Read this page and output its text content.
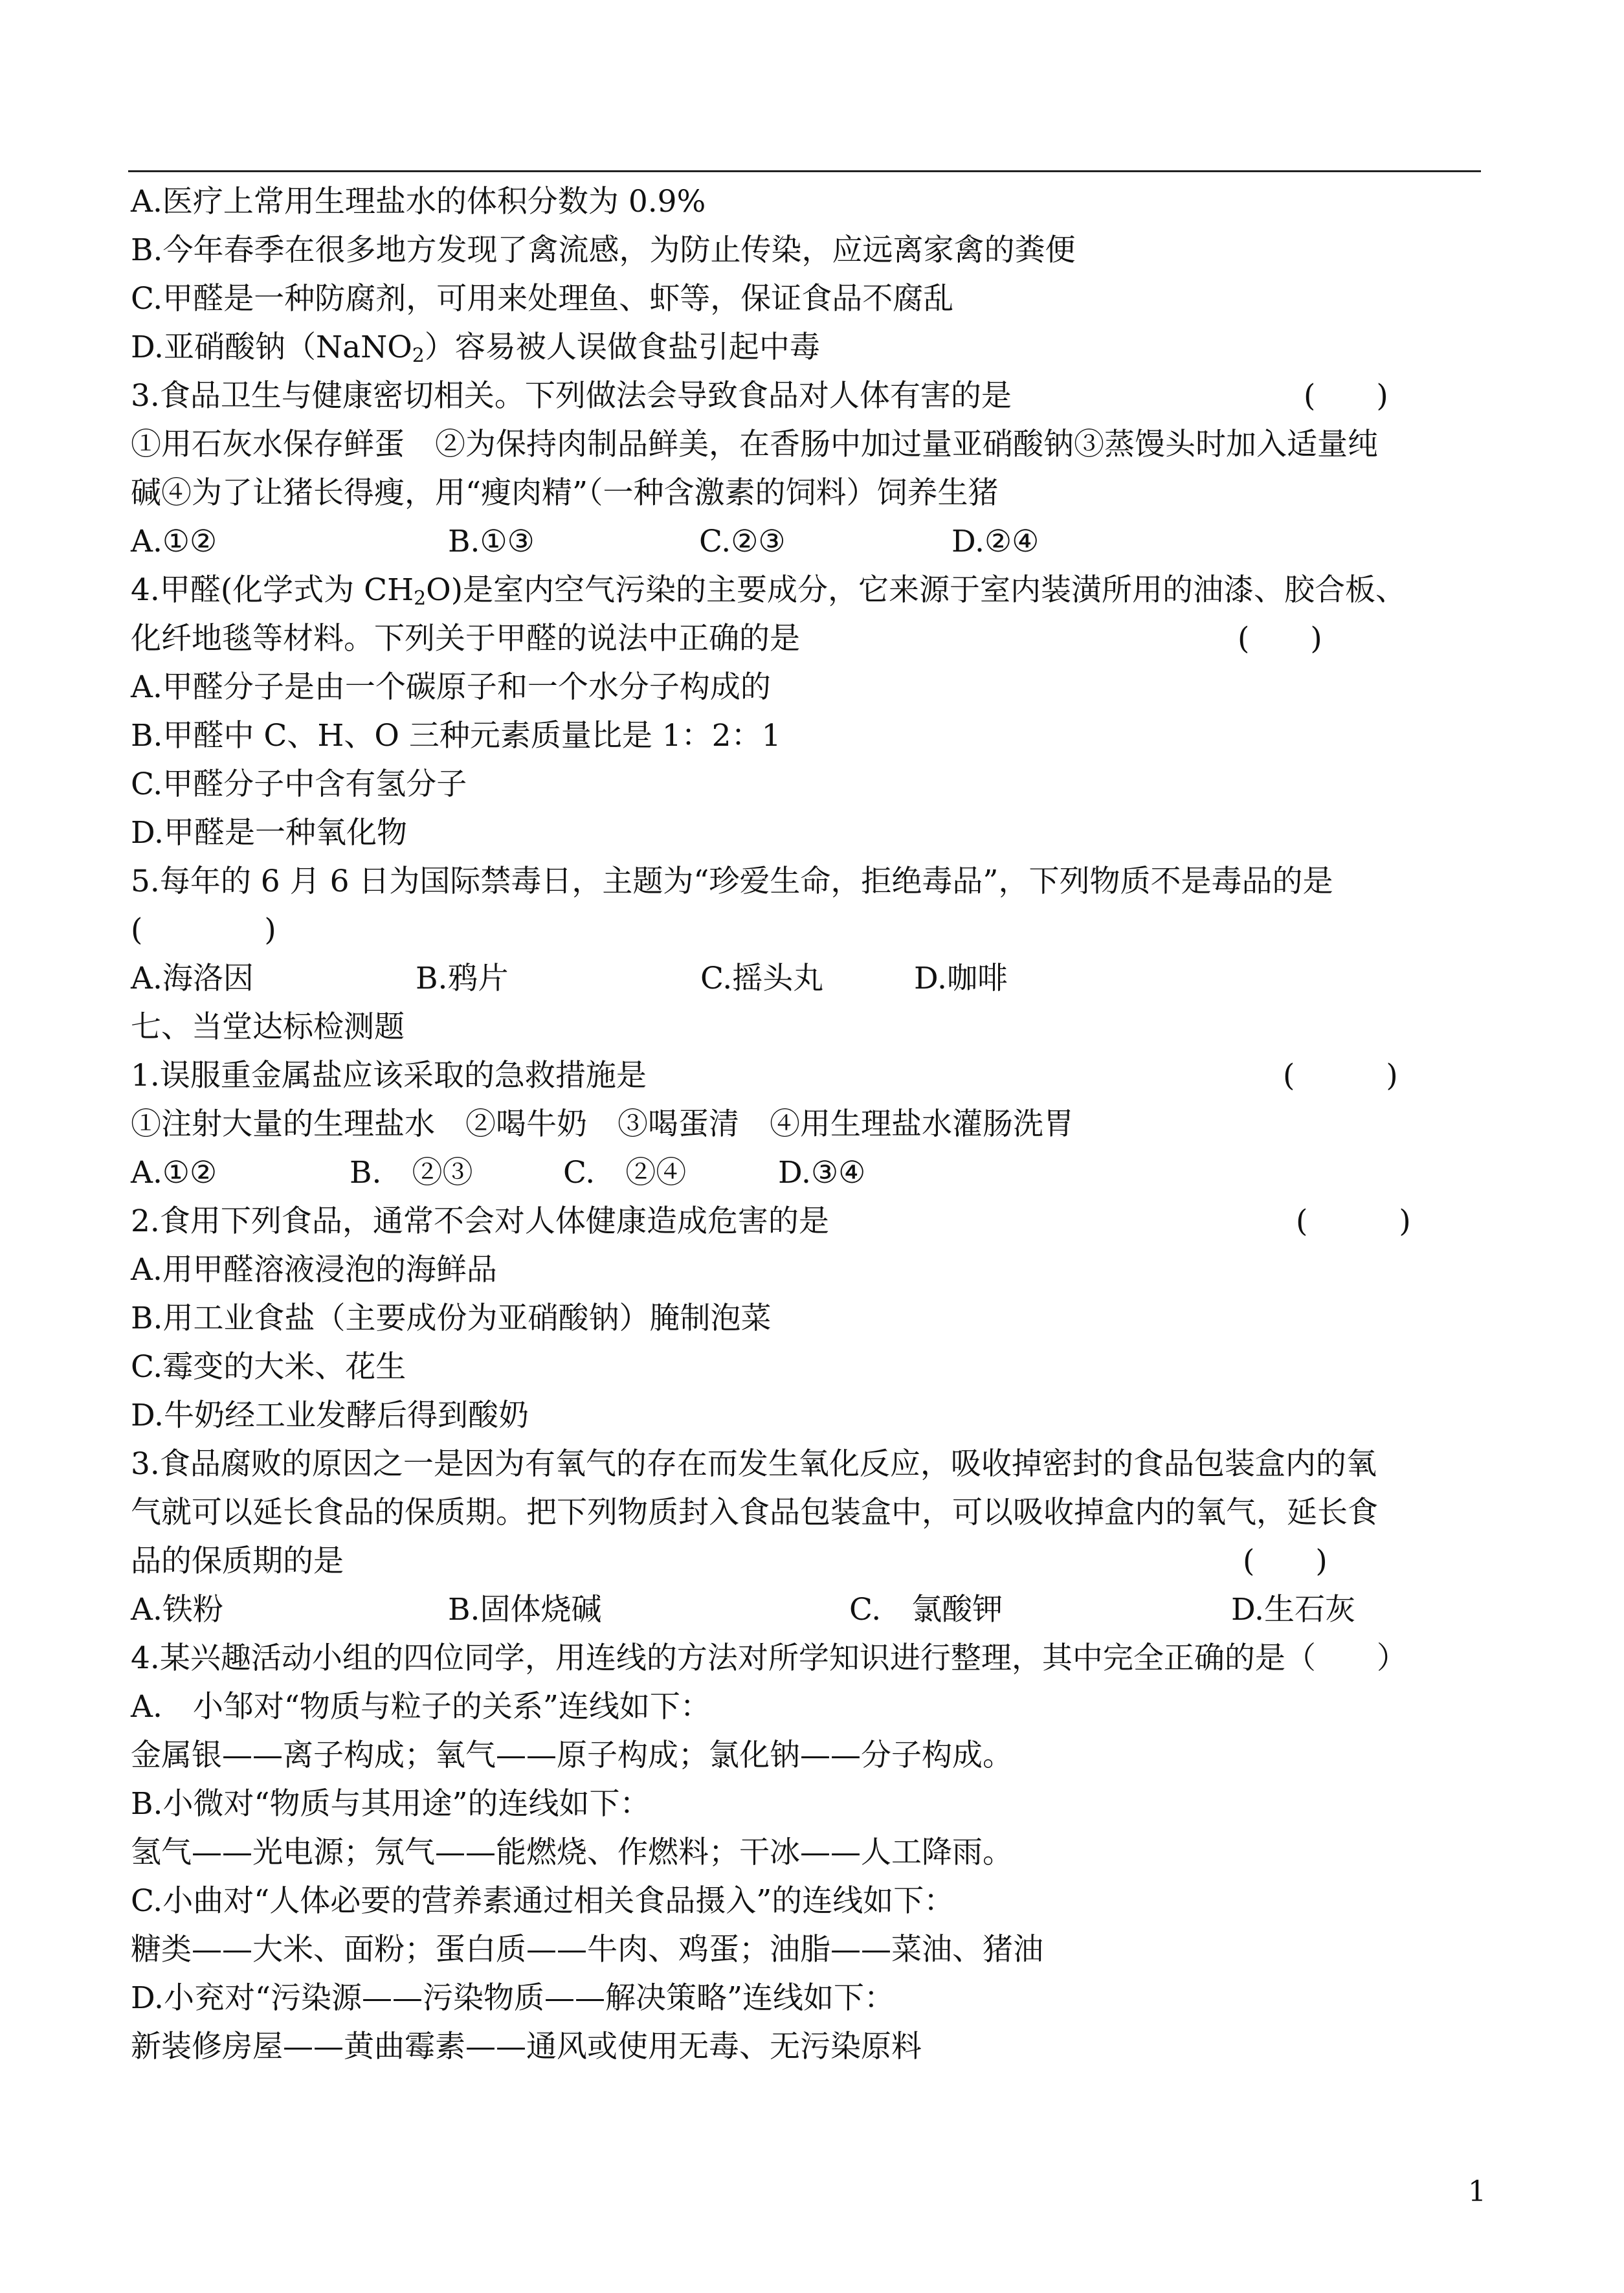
A.医疗上常用生理盐水的体积分数为 0.9%
B.今年春季在很多地方发现了禽流感，为防止传染，应远离家禽的粪便
C.甲醛是一种防腐剂，可用来处理鱼、虾等，保证食品不腐乱
D.亚硝酸钠（NaNO$_2$）容易被人误做食盐引起中毒
3.食品卫生与健康密切相关。下列做法会导致食品对人体有害的是	(　　)
①用石灰水保存鲜蛋　②为保持肉制品鲜美，在香肠中加过量亚硝酸钠③蒸馒头时加入适量纯
碱④为了让猪长得瘦，用“瘦肉精”（一种含激素的饲料）饲养生猪
A.①②	B.①③	C.②③	D.②④
4.甲醛(化学式为 $CH_2O$)是室内空气污染的主要成分，它来源于室内装潢所用的油漆、胶合板、
化纤地毯等材料。下列关于甲醛的说法中正确的是	(　　)
A.甲醛分子是由一个碳原子和一个水分子构成的
B.甲醛中 C、H、O 三种元素质量比是 1：2：1
C.甲醛分子中含有氢分子
D.甲醛是一种氧化物
5.每年的 6 月 6 日为国际禁毒日，主题为“珍爱生命，拒绝毒品”，下列物质不是毒品的是
(　　　　)
A.海洛因	B.鸦片	C.摇头丸	D.咖啡
七、当堂达标检测题
1.误服重金属盐应该采取的急救措施是	(　　　)
①注射大量的生理盐水　②喝牛奶　③喝蛋清　④用生理盐水灌肠洗胃
A.①②	B.　②③	C.　②④	D.③④
2.食用下列食品，通常不会对人体健康造成危害的是	(　　　)
A.用甲醛溶液浸泡的海鲜品
B.用工业食盐（主要成份为亚硝酸钠）腌制泡菜
C.霉变的大米、花生
D.牛奶经工业发酵后得到酸奶
3.食品腐败的原因之一是因为有氧气的存在而发生氧化反应，吸收掉密封的食品包装盒内的氧
气就可以延长食品的保质期。把下列物质封入食品包装盒中，可以吸收掉盒内的氧气，延长食
品的保质期的是	(　　)
A.铁粉	B.固体烧碱	C.　氯酸钾	D.生石灰
4.某兴趣活动小组的四位同学，用连线的方法对所学知识进行整理，其中完全正确的是（　　）
A.　小邹对“物质与粒子的关系”连线如下：
金属银——离子构成；氧气——原子构成；氯化钠——分子构成。
B.小微对“物质与其用途”的连线如下：
氢气——光电源；氖气——能燃烧、作燃料；干冰——人工降雨。
C.小曲对“人体必要的营养素通过相关食品摄入”的连线如下：
糖类——大米、面粉；蛋白质——牛肉、鸡蛋；油脂——菜油、猪油
D.小兖对“污染源——污染物质——解决策略”连线如下：
新装修房屋——黄曲霉素——通风或使用无毒、无污染原料
1
